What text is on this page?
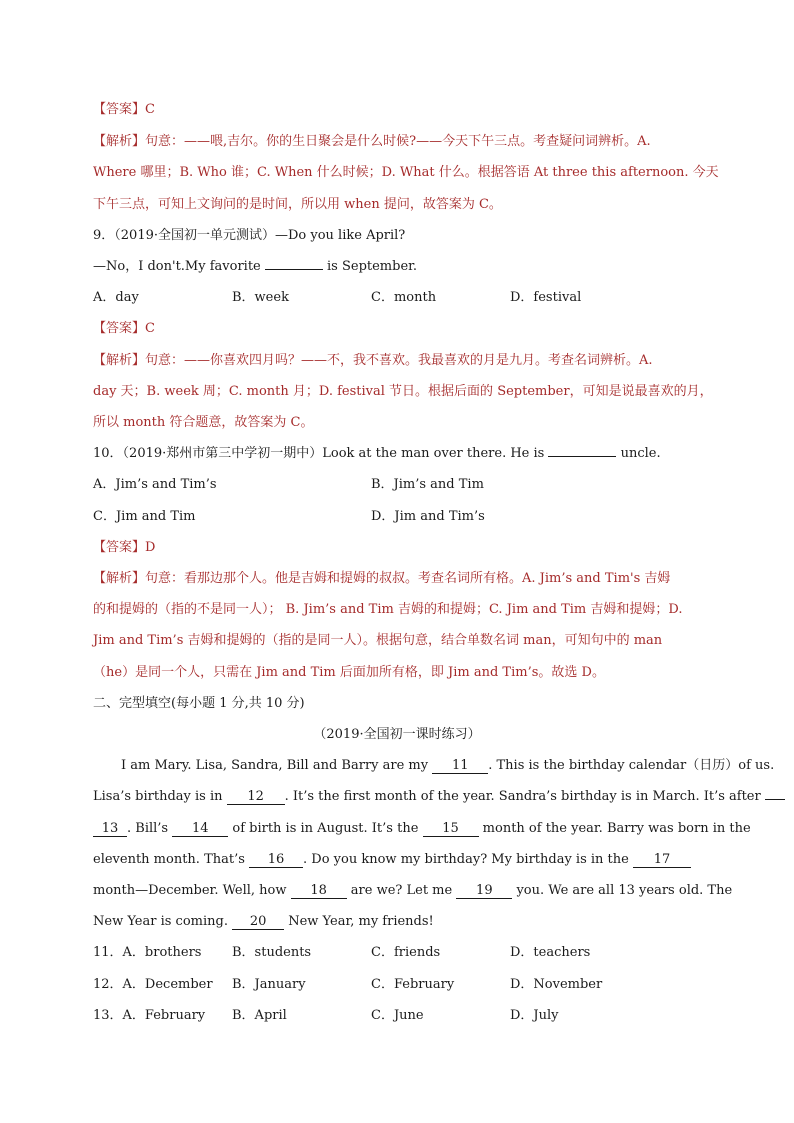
【答案】C
【解析】句意：——喂,吉尔。你的生日聚会是什么时候?——今天下午三点。考查疑问词辨析。A.
Where 哪里；B. Who 谁；C. When 什么时候；D. What 什么。根据答语 At three this afternoon. 今天
下午三点，可知上文询问的是时间，所以用 when 提问，故答案为 C。
9．（2019·全国初一单元测试）—Do you like April?
—No，I don't.My favorite	is September.
A．day	B．week	C．month	D．festival
【答案】C
【解析】句意：——你喜欢四月吗？——不，我不喜欢。我最喜欢的月是九月。考查名词辨析。A.
day 天；B. week 周；C. month 月；D. festival 节日。根据后面的 September，可知是说最喜欢的月，
所以 month 符合题意，故答案为 C。
10．（2019·郑州市第三中学初一期中）Look at the man over there. He is	uncle.
A．Jim’s and Tim’s	B．Jim’s and Tim
C．Jim and Tim	D．Jim and Tim’s
【答案】D
【解析】句意：看那边那个人。他是吉姆和提姆的叔叔。考查名词所有格。A. Jim’s and Tim's 吉姆
的和提姆的（指的不是同一人）； B. Jim’s and Tim 吉姆的和提姆；C. Jim and Tim 吉姆和提姆；D.
Jim and Tim’s 吉姆和提姆的（指的是同一人）。根据句意，结合单数名词 man，可知句中的 man
（he）是同一个人，只需在 Jim and Tim 后面加所有格，即 Jim and Tim’s。故选 D。
二、完型填空(每小题 1 分,共 10 分)
（2019·全国初一课时练习）
I am Mary. Lisa, Sandra, Bill and Barry are my 11 . This is the birthday calendar（日历）of us.
Lisa’s birthday is in 12 . It’s the first month of the year. Sandra’s birthday is in March. It’s after
13 . Bill’s 14 of birth is in August. It’s the 15 month of the year. Barry was born in the
eleventh month. That’s 16 . Do you know my birthday? My birthday is in the 17
month—December. Well, how 18 are we? Let me 19 you. We are all 13 years old. The
New Year is coming. 20 New Year, my friends!
11．A．brothers B．students	C．friends	D．teachers
12．A．December B．January	C．February	D．November
13．A．February B．April	C．June	D．July
